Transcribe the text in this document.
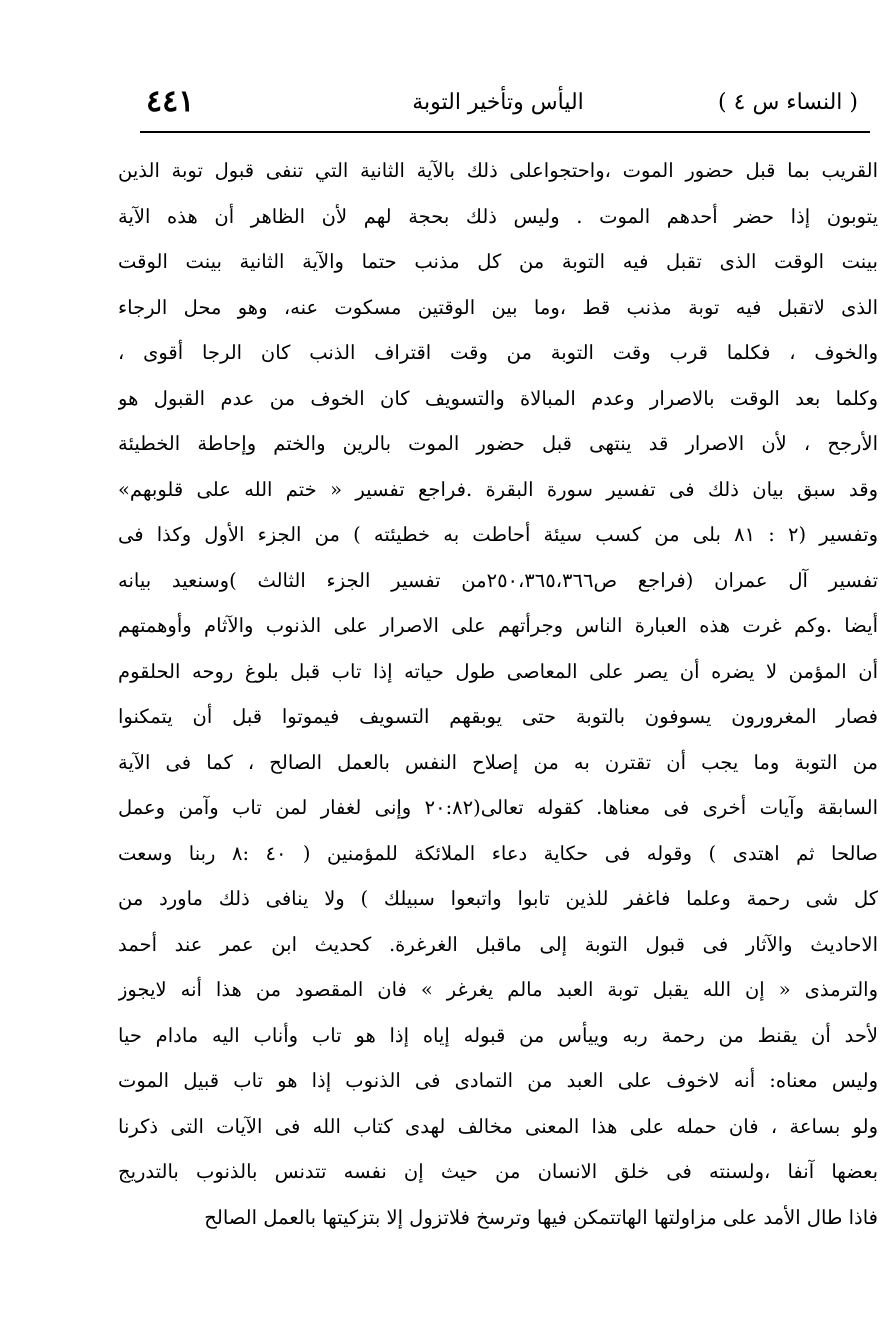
( النساء س ٤ )
اليأس وتأخير التوبة
٤٤١
القريب بما قبل حضور الموت ،واحتجواعلى ذلك بالآية الثانية التي تنفى قبول توبة الذين
يتوبون إذا حضر أحدهم الموت . وليس ذلك بحجة لهم لأن الظاهر أن هذه الآية
بينت الوقت الذى تقبل فيه التوبة من كل مذنب حتما والآية الثانية بينت الوقت
الذى لاتقبل فيه توبة مذنب قط ،وما بين الوقتين مسكوت عنه، وهو محل الرجاء
والخوف ، فكلما قرب وقت التوبة من وقت اقتراف الذنب كان الرجا أقوى ،
وكلما بعد الوقت بالاصرار وعدم المبالاة والتسويف كان الخوف من عدم القبول هو
الأرجح ، لأن الاصرار قد ينتهى قبل حضور الموت بالرين والختم وإحاطة الخطيئة
وقد سبق بيان ذلك فى تفسير سورة البقرة .فراجع تفسير « ختم الله على قلوبهم»
وتفسير (٢ : ٨١ بلى من كسب سيئة أحاطت به خطيئته ) من الجزء الأول وكذا فى
تفسير آل عمران (فراجع ص٢٥٠،٣٦٥،٣٦٦من تفسير الجزء الثالث )وسنعيد بيانه
أيضا .وكم غرت هذه العبارة الناس وجرأتهم على الاصرار على الذنوب والآثام وأوهمتهم
أن المؤمن لا يضره أن يصر على المعاصى طول حياته إذا تاب قبل بلوغ روحه الحلقوم
فصار المغرورون يسوفون بالتوبة حتى يوبقهم التسويف فيموتوا قبل أن يتمكنوا
من التوبة وما يجب أن تقترن به من إصلاح النفس بالعمل الصالح ، كما فى الآية
السابقة وآيات أخرى فى معناها. كقوله تعالى(٢٠:٨٢ وإنى لغفار لمن تاب وآمن وعمل
صالحا ثم اهتدى ) وقوله فى حكاية دعاء الملائكة للمؤمنين ( ٤٠ :٨ ربنا وسعت
كل شى رحمة وعلما فاغفر للذين تابوا واتبعوا سبيلك ) ولا ينافى ذلك ماورد من
الاحاديث والآثار فى قبول التوبة إلى ماقبل الغرغرة. كحديث ابن عمر عند أحمد
والترمذى « إن الله يقبل توبة العبد مالم يغرغر » فان المقصود من هذا أنه لايجوز
لأحد أن يقنط من رحمة ربه وييأس من قبوله إياه إذا هو تاب وأناب اليه مادام حيا
وليس معناه: أنه لاخوف على العبد من التمادى فى الذنوب إذا هو تاب قبيل الموت
ولو بساعة ، فان حمله على هذا المعنى مخالف لهدى كتاب الله فى الآيات التى ذكرنا
بعضها آنفا ،ولسنته فى خلق الانسان من حيث إن نفسه تتدنس بالذنوب بالتدريج
فاذا طال الأمد على مزاولتها الهاتتمكن فيها وترسخ فلاتزول إلا بتزكيتها بالعمل الصالح
